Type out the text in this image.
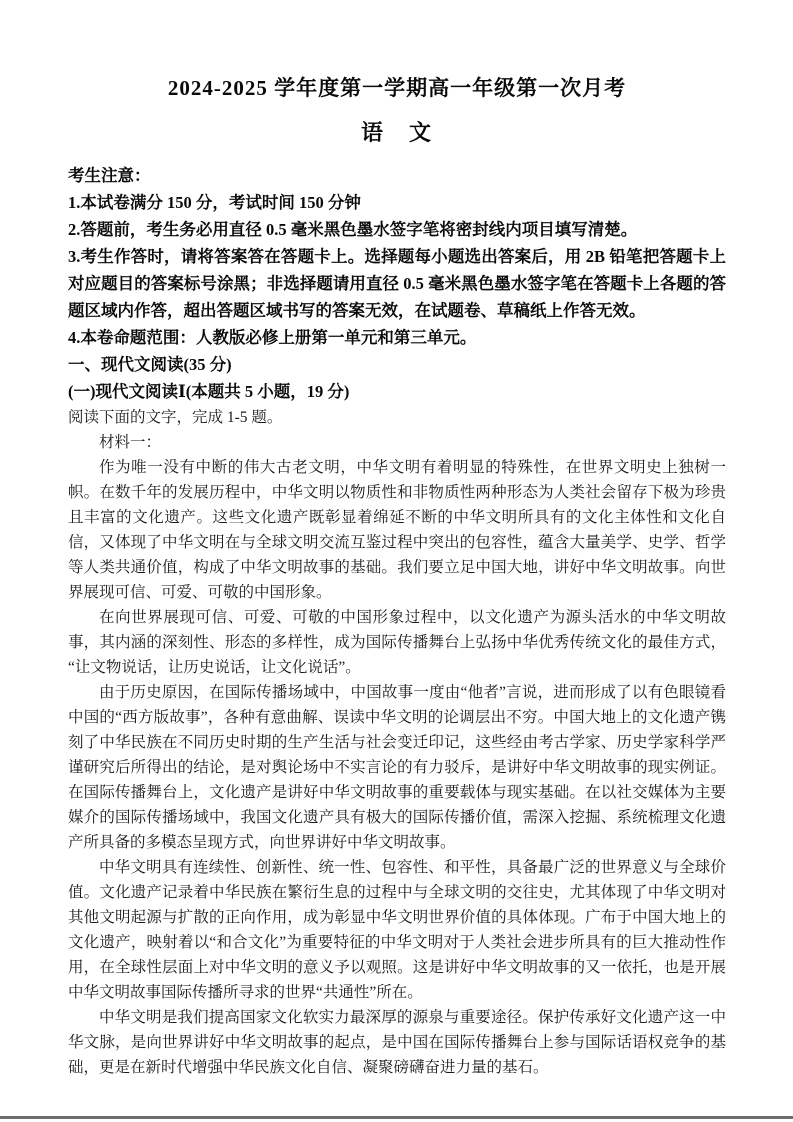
2024-2025 学年度第一学期高一年级第一次月考
语　文

考生注意：

1.本试卷满分 150 分，考试时间 150 分钟

2.答题前，考生务必用直径 0.5 毫米黑色墨水签字笔将密封线内项目填写清楚。

3.考生作答时，请将答案答在答题卡上。选择题每小题选出答案后，用 2B 铅笔把答题卡上对应题目的答案标号涂黑；非选择题请用直径 0.5 毫米黑色墨水签字笔在答题卡上各题的答题区域内作答，超出答题区域书写的答案无效，在试题卷、草稿纸上作答无效。

4.本卷命题范围：人教版必修上册第一单元和第三单元。

一、现代文阅读(35 分)

(一)现代文阅读Ⅰ(本题共 5 小题，19 分)

阅读下面的文字，完成 1-5 题。

材料一：

作为唯一没有中断的伟大古老文明，中华文明有着明显的特殊性，在世界文明史上独树一帜。在数千年的发展历程中，中华文明以物质性和非物质性两种形态为人类社会留存下极为珍贵且丰富的文化遗产。这些文化遗产既彰显着绵延不断的中华文明所具有的文化主体性和文化自信，又体现了中华文明在与全球文明交流互鉴过程中突出的包容性，蕴含大量美学、史学、哲学等人类共通价值，构成了中华文明故事的基础。我们要立足中国大地，讲好中华文明故事。向世界展现可信、可爱、可敬的中国形象。

在向世界展现可信、可爱、可敬的中国形象过程中，以文化遗产为源头活水的中华文明故事，其内涵的深刻性、形态的多样性，成为国际传播舞台上弘扬中华优秀传统文化的最佳方式，“让文物说话，让历史说话，让文化说话”。

由于历史原因，在国际传播场域中，中国故事一度由“他者”言说，进而形成了以有色眼镜看中国的“西方版故事”，各种有意曲解、误读中华文明的论调层出不穷。中国大地上的文化遗产镌刻了中华民族在不同历史时期的生产生活与社会变迁印记，这些经由考古学家、历史学家科学严谨研究后所得出的结论，是对舆论场中不实言论的有力驳斥，是讲好中华文明故事的现实例证。在国际传播舞台上，文化遗产是讲好中华文明故事的重要载体与现实基础。在以社交媒体为主要媒介的国际传播场域中，我国文化遗产具有极大的国际传播价值，需深入挖掘、系统梳理文化遗产所具备的多模态呈现方式，向世界讲好中华文明故事。

中华文明具有连续性、创新性、统一性、包容性、和平性，具备最广泛的世界意义与全球价值。文化遗产记录着中华民族在繁衍生息的过程中与全球文明的交往史，尤其体现了中华文明对其他文明起源与扩散的正向作用，成为彰显中华文明世界价值的具体体现。广布于中国大地上的文化遗产，映射着以“和合文化”为重要特征的中华文明对于人类社会进步所具有的巨大推动性作用，在全球性层面上对中华文明的意义予以观照。这是讲好中华文明故事的又一依托，也是开展中华文明故事国际传播所寻求的世界“共通性”所在。

中华文明是我们提高国家文化软实力最深厚的源泉与重要途径。保护传承好文化遗产这一中华文脉，是向世界讲好中华文明故事的起点，是中国在国际传播舞台上参与国际话语权竞争的基础，更是在新时代增强中华民族文化自信、凝聚磅礴奋进力量的基石。
